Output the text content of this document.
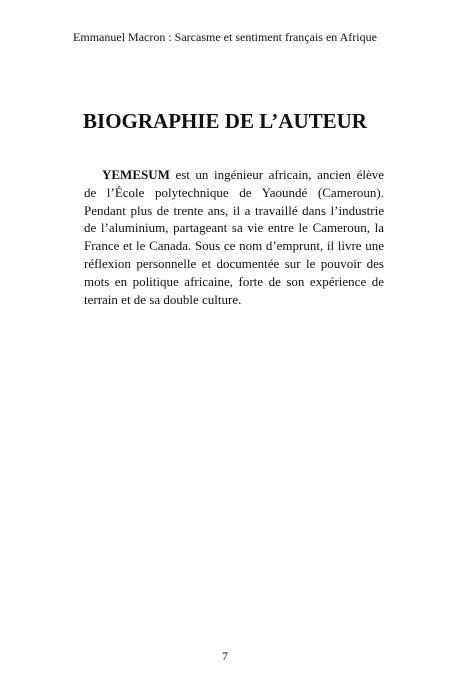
Emmanuel Macron : Sarcasme et sentiment français en Afrique
BIOGRAPHIE DE L’AUTEUR

YEMESUM est un ingénieur africain, ancien élève de l’École polytechnique de Yaoundé (Cameroun). Pendant plus de trente ans, il a travaillé dans l’industrie de l’aluminium, partageant sa vie entre le Cameroun, la France et le Canada. Sous ce nom d’emprunt, il livre une réflexion personnelle et documentée sur le pouvoir des mots en politique africaine, forte de son expérience de terrain et de sa double culture.

7
